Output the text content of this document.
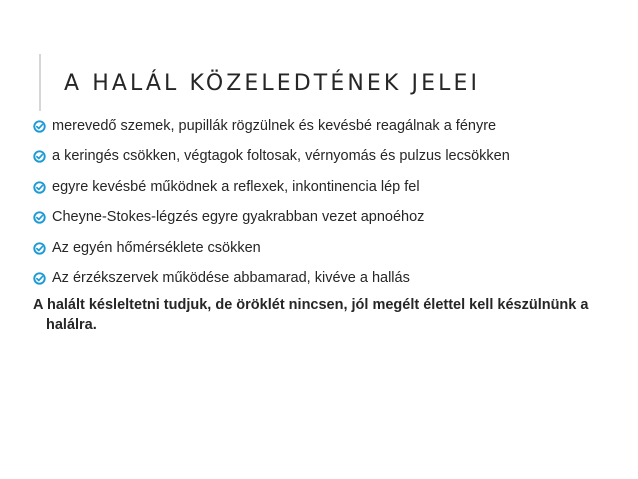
A HALÁL KÖZELEDTÉNEK JELEI
merevedő szemek, pupillák rögzülnek és kevésbé reagálnak a fényre
a keringés csökken, végtagok foltosak, vérnyomás és pulzus lecsökken
egyre kevésbé működnek a reflexek, inkontinencia lép fel
Cheyne-Stokes-légzés egyre gyakrabban vezet apnoéhoz
Az egyén hőmérséklete csökken
Az érzékszervek működése abbamarad, kivéve a hallás

A halált késleltetni tudjuk, de öröklét nincsen, jól megélt élettel kell készülnünk a halálra.
